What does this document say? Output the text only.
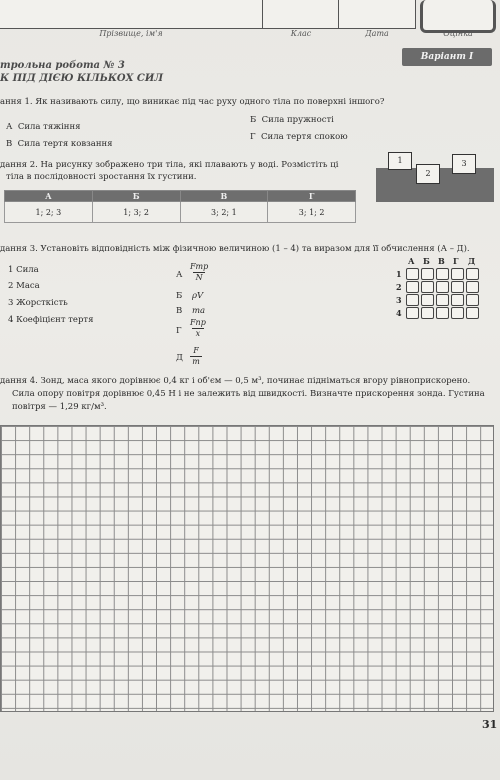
Прізвище, ім'я	Клас	Дата	Оцінка
Варіант І
трольна робота № 3
К ПІД ДІЄЮ КІЛЬКОХ СИЛ
ання 1. Як називають силу, що виникає під час руху одного тіла по поверхні іншого?
А Сила тяжіння
Б Сила пружності
В Сила тертя ковзання
Г Сила тертя спокою
дання 2. На рисунку зображено три тіла, які плавають у воді. Розмістіть ці
тіла в послідовності зростання їх густини.
А	Б	В	Г
1; 2; 3	1; 3; 2	3; 2; 1	3; 1; 2
1
2
3
дання 3. Установіть відповідність між фізичною величиною (1 – 4) та виразом для її обчислення (А – Д).
1 Сила
2 Маса
3 Жорсткість
4 Коефіцієнт тертя
А
Fтр
N
Б ρV
В ma
Г
Fпр
x
Д
F
m
А Б В Г Д
1
2
3
4
дання 4. Зонд, маса якого дорівнює 0,4 кг і об'єм — 0,5 м³, починає підніматься вгору рівноприскорено.
Сила опору повітря дорівнює 0,45 Н і не залежить від швидкості. Визначте прискорення зонда. Густина
повітря — 1,29 кг/м³.
31
